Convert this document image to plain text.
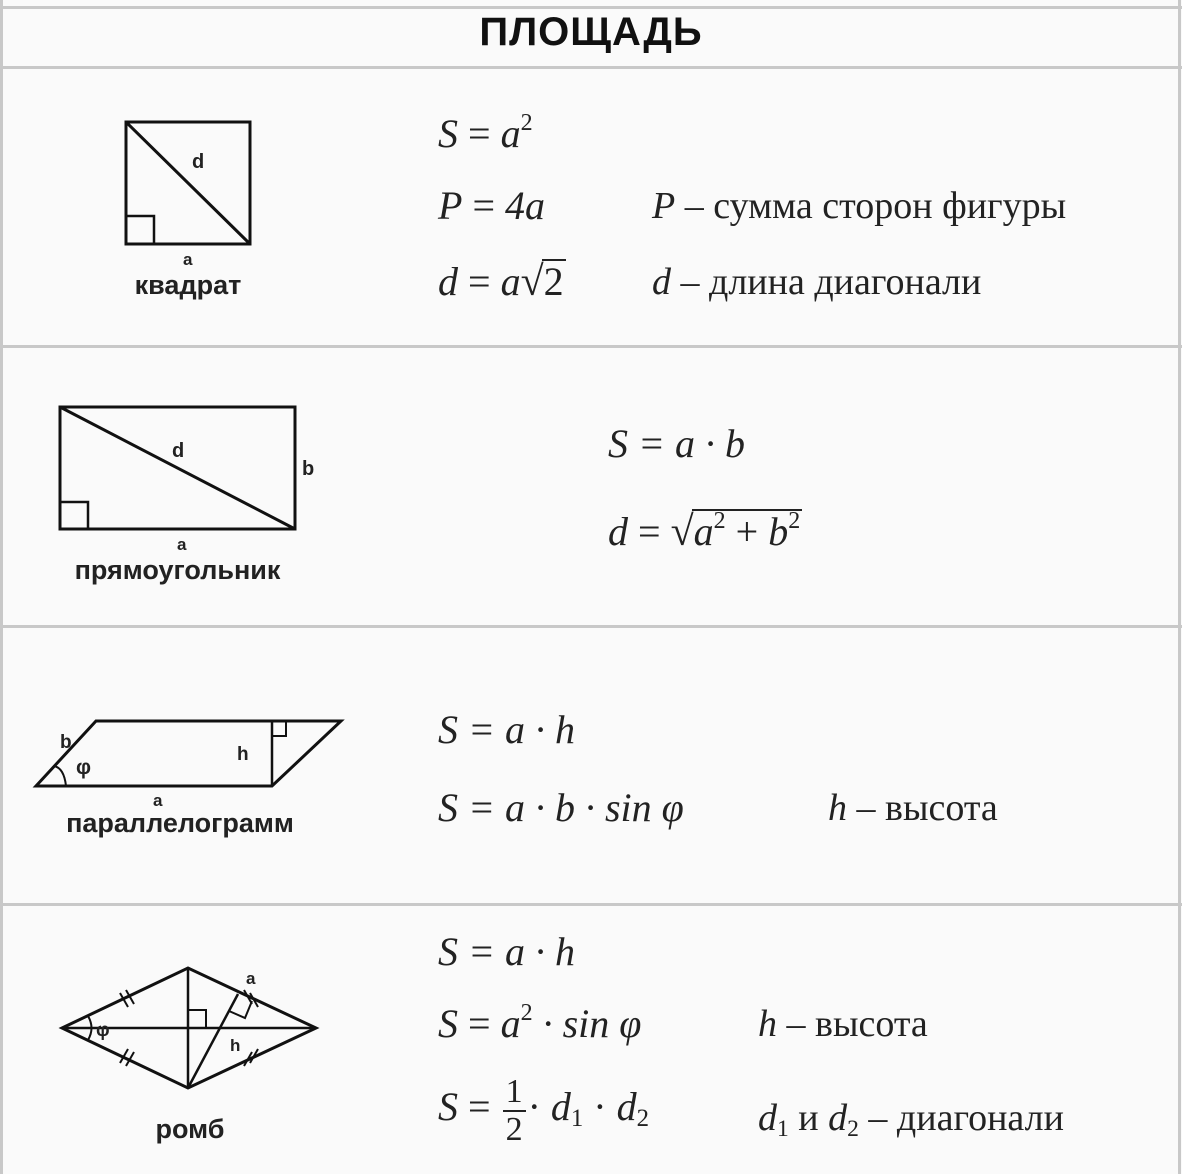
ПЛОЩАДЬ
d
a
квадрат
$S = a^2$
P = 4a
d = a√2
P – сумма сторон фигуры
d – длина диагонали
d
b
a
прямоугольник
S = a · b
$d = √a^2 + b^2$
b
φ
h
a
параллелограмм
S = a · h
S = a · b · sin φ	h – высота
φ
a
h
ромб
S = a · h
$S = a^2 \cdot \sin \varphi$
$S = \frac{1}{2} \cdot d_1 \cdot d_2$
h – высота
$d_1$ и $d_2$ – диагонали
